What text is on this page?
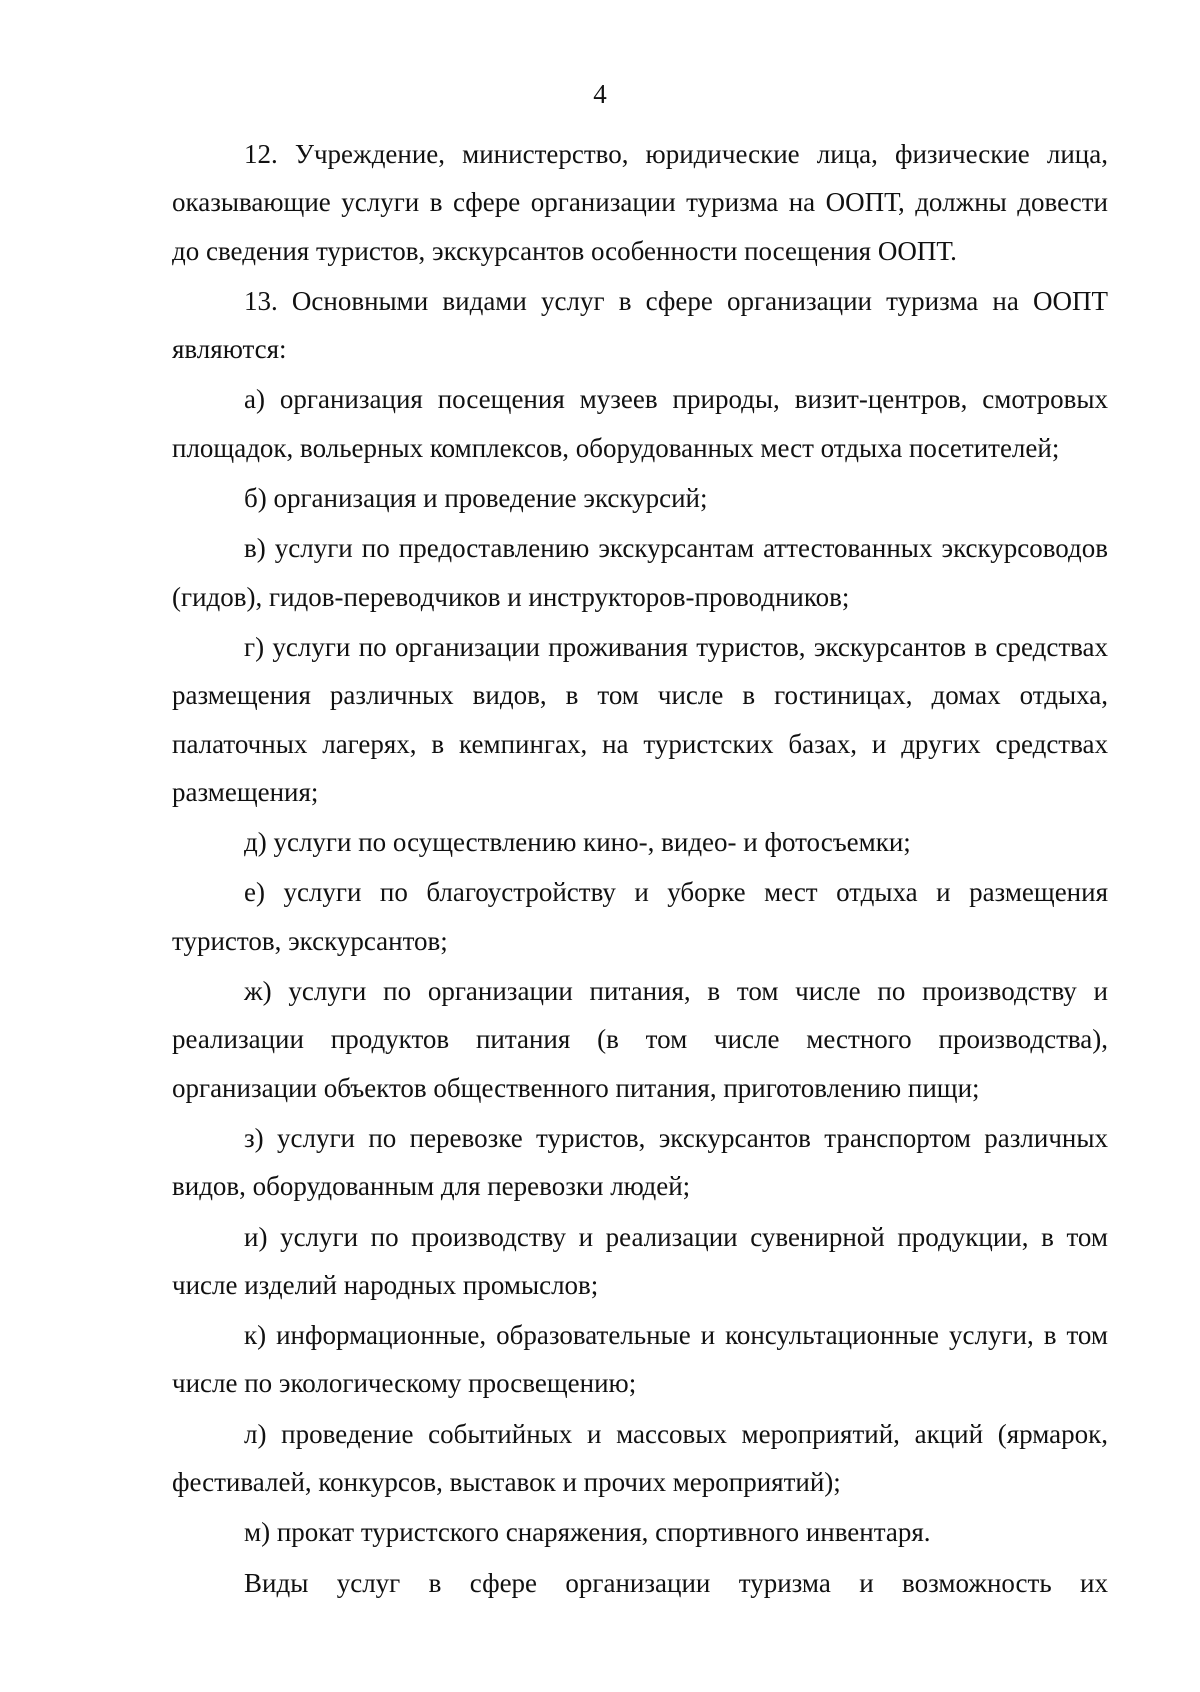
4

12. Учреждение, министерство, юридические лица, физические лица, оказывающие услуги в сфере организации туризма на ООПТ, должны довести до сведения туристов, экскурсантов особенности посещения ООПТ.

13. Основными видами услуг в сфере организации туризма на ООПТ являются:

а) организация посещения музеев природы, визит-центров, смотровых площадок, вольерных комплексов, оборудованных мест отдыха посетителей;

б) организация и проведение экскурсий;

в) услуги по предоставлению экскурсантам аттестованных экскурсоводов (гидов), гидов-переводчиков и инструкторов-проводников;

г) услуги по организации проживания туристов, экскурсантов в средствах размещения различных видов, в том числе в гостиницах, домах отдыха, палаточных лагерях, в кемпингах, на туристских базах, и других средствах размещения;

д) услуги по осуществлению кино-, видео- и фотосъемки;

е) услуги по благоустройству и уборке мест отдыха и размещения туристов, экскурсантов;

ж) услуги по организации питания, в том числе по производству и реализации продуктов питания (в том числе местного производства), организации объектов общественного питания, приготовлению пищи;

з) услуги по перевозке туристов, экскурсантов транспортом различных видов, оборудованным для перевозки людей;

и) услуги по производству и реализации сувенирной продукции, в том числе изделий народных промыслов;

к) информационные, образовательные и консультационные услуги, в том числе по экологическому просвещению;

л) проведение событийных и массовых мероприятий, акций (ярмарок, фестивалей, конкурсов, выставок и прочих мероприятий);

м) прокат туристского снаряжения, спортивного инвентаря.

Виды услуг в сфере организации туризма и возможность их
